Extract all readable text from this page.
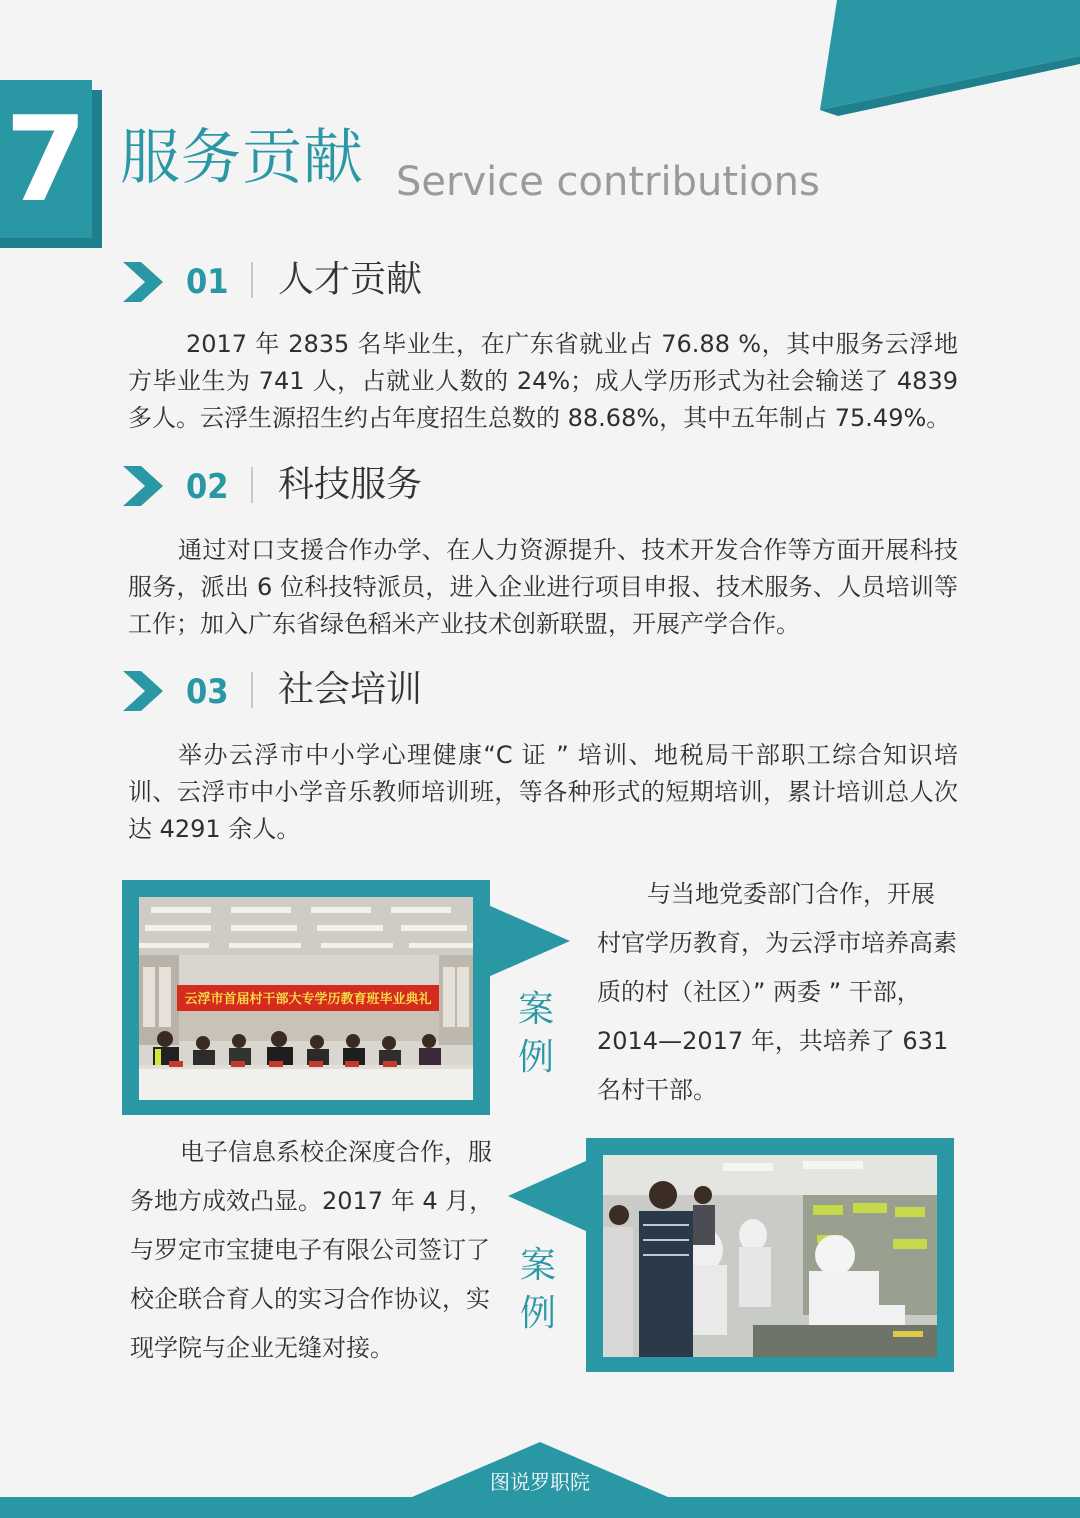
7 服务贡献 Service contributions
01 人才贡献

2017 年 2835 名毕业生，在广东省就业占 76.88 %，其中服务云浮地方毕业生为 741 人，占就业人数的 24%；成人学历形式为社会输送了 4839 多人。云浮生源招生约占年度招生总数的 88.68%，其中五年制占 75.49%。

02 科技服务

通过对口支援合作办学、在人力资源提升、技术开发合作等方面开展科技服务，派出 6 位科技特派员，进入企业进行项目申报、技术服务、人员培训等工作；加入广东省绿色稻米产业技术创新联盟，开展产学合作。

03 社会培训

举办云浮市中小学心理健康“C 证 ” 培训、地税局干部职工综合知识培训、云浮市中小学音乐教师培训班，等各种形式的短期培训，累计培训总人次达 4291 余人。

云浮市首届村干部大专学历教育班毕业典礼 案例

与当地党委部门合作，开展村官学历教育，为云浮市培养高素质的村（社区）” 两委 ” 干部，2014—2017 年，共培养了 631 名村干部。

电子信息系校企深度合作，服务地方成效凸显。2017 年 4 月，与罗定市宝捷电子有限公司签订了校企联合育人的实习合作协议，实现学院与企业无缝对接。

案例
图说罗职院
